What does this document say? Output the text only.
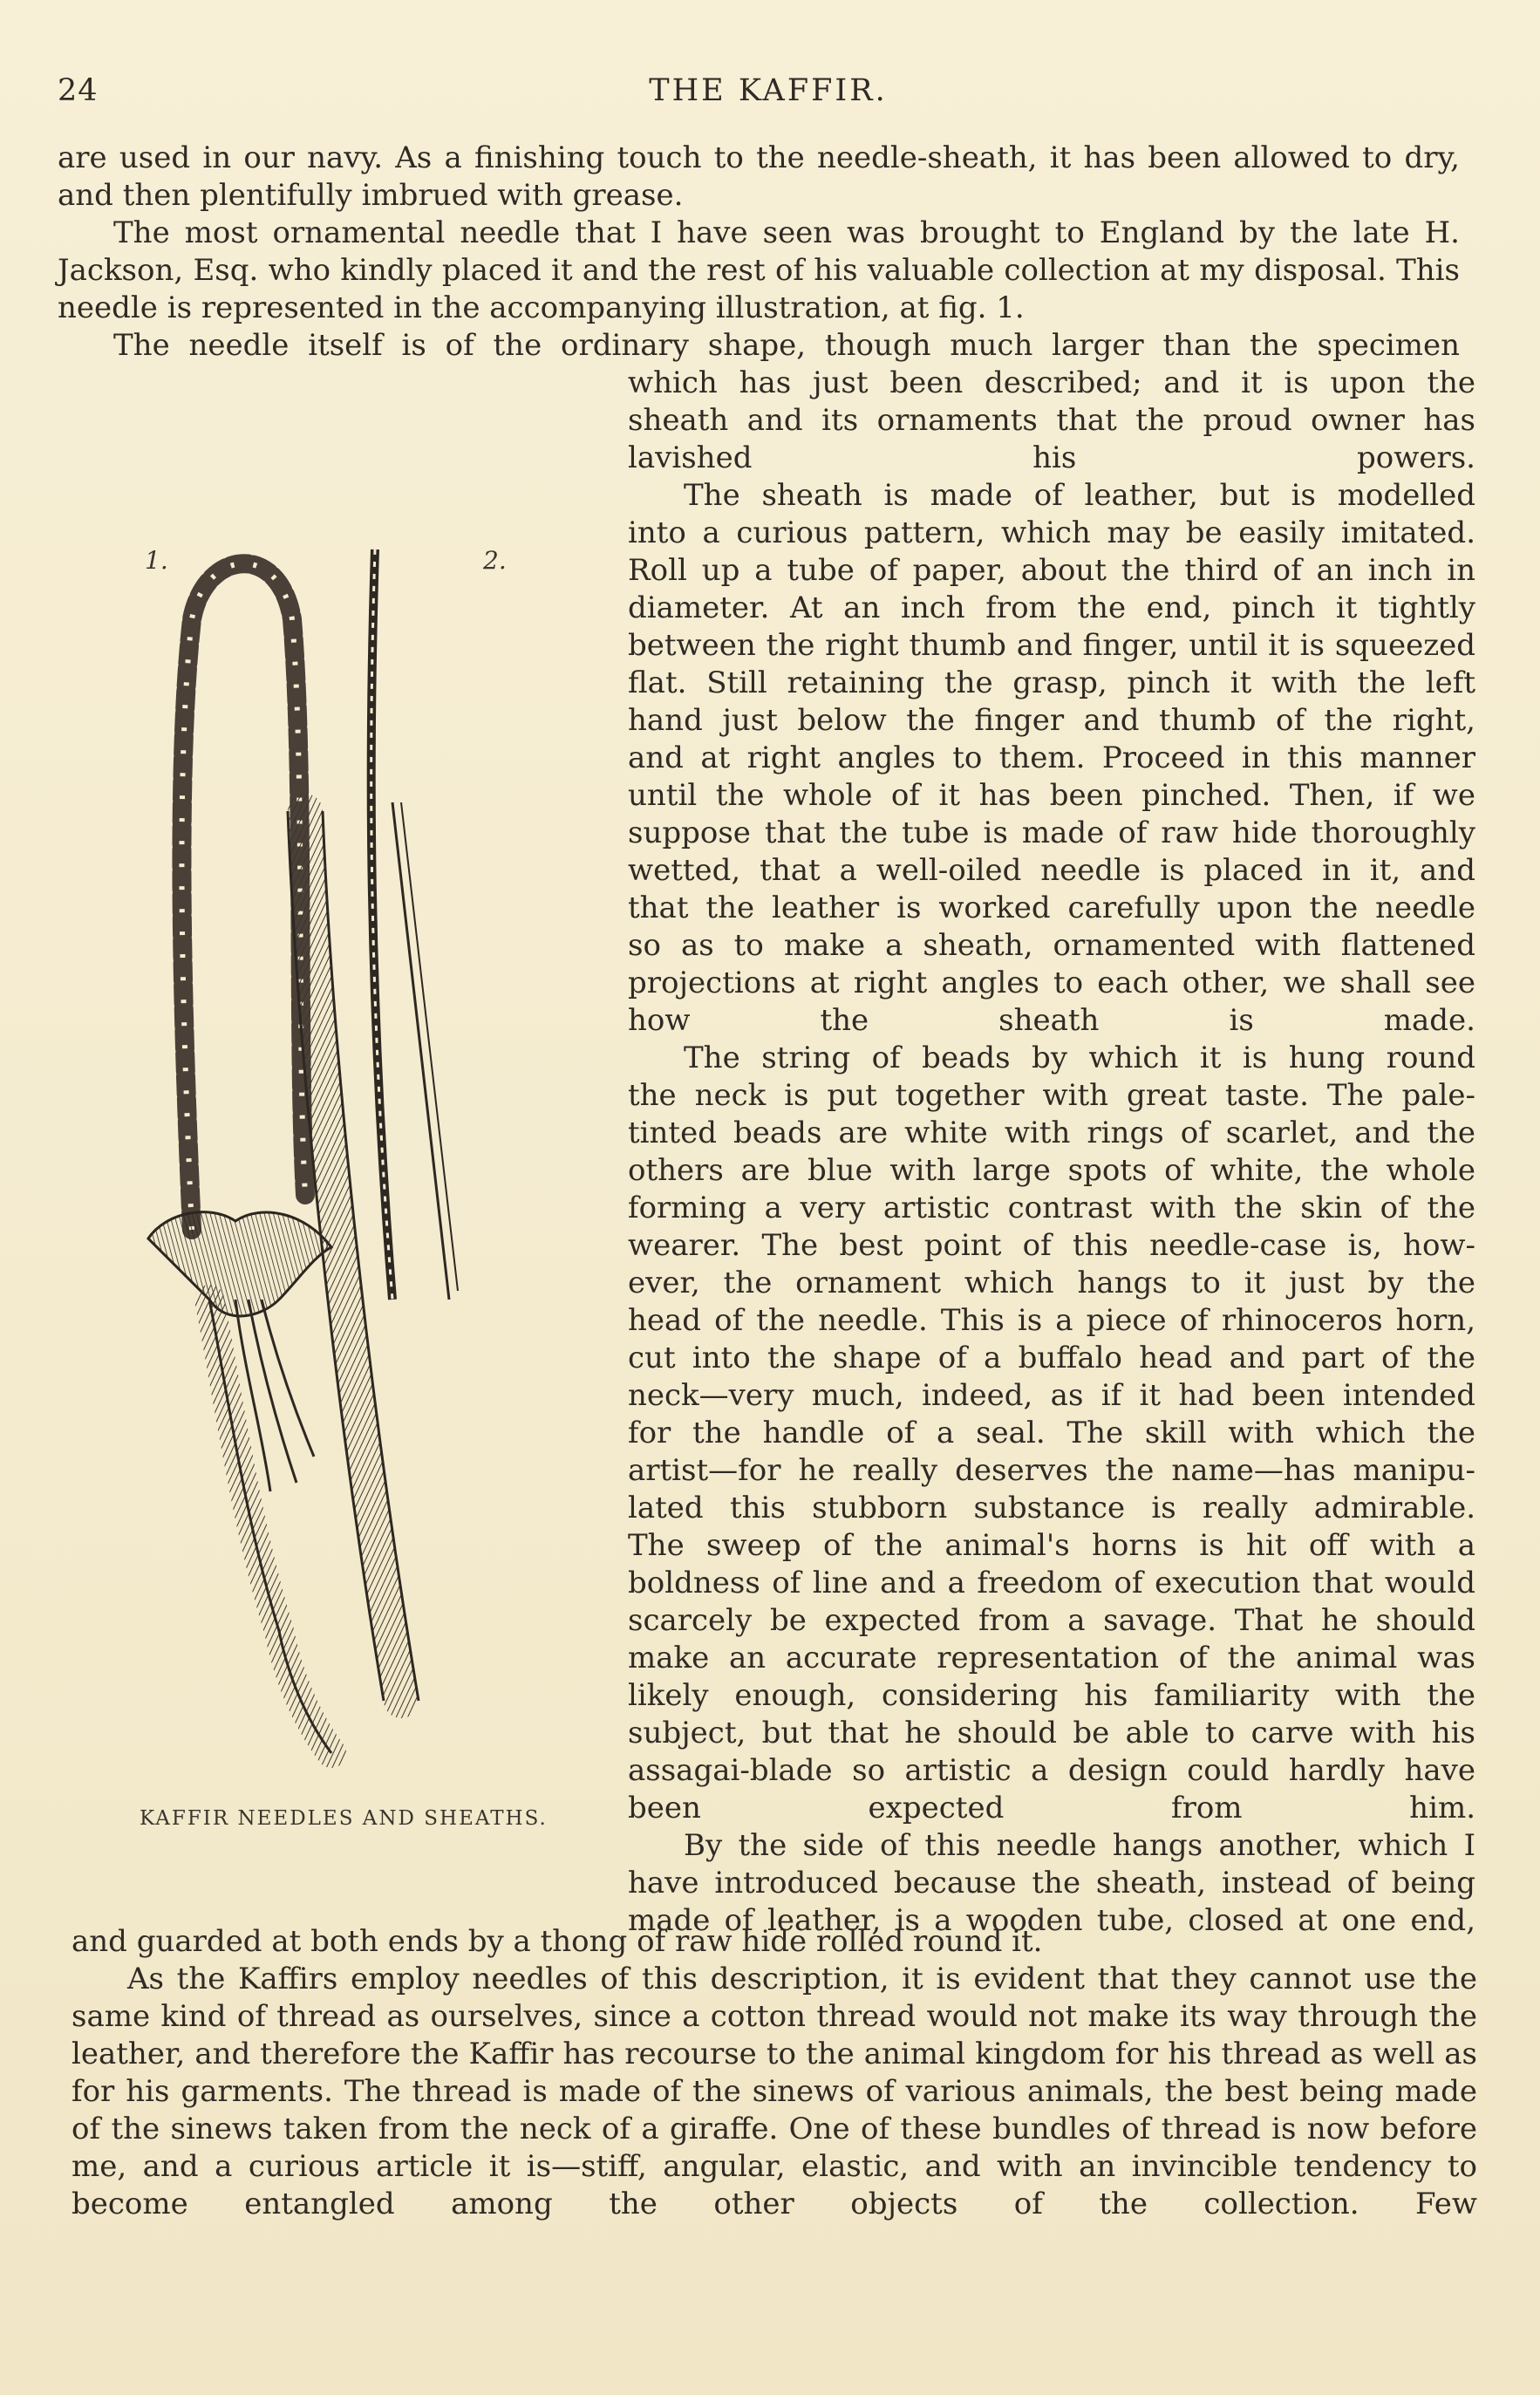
24	THE KAFFIR.

are used in our navy. As a finishing touch to the needle-sheath, it has been allowed to dry, and then plentifully imbrued with grease.

The most ornamental needle that I have seen was brought to England by the late H. Jackson, Esq. who kindly placed it and the rest of his valuable collection at my disposal. This needle is represented in the accompanying illustration, at fig. 1.

The needle itself is of the ordinary shape, though much larger than the specimen

which has just been described; and it is upon the
sheath and its ornaments that the proud owner has
lavished his powers.
The sheath is made of leather, but is modelled
into a curious pattern, which may be easily imitated.
Roll up a tube of paper, about the third of an inch in
diameter. At an inch from the end, pinch it tightly
between the right thumb and finger, until it is squeezed
flat. Still retaining the grasp, pinch it with the left
hand just below the finger and thumb of the right,
and at right angles to them. Proceed in this manner
until the whole of it has been pinched. Then, if we
suppose that the tube is made of raw hide thoroughly
wetted, that a well-oiled needle is placed in it, and
that the leather is worked carefully upon the needle
so as to make a sheath, ornamented with flattened
projections at right angles to each other, we shall see
how the sheath is made.
The string of beads by which it is hung round
the neck is put together with great taste. The pale-
tinted beads are white with rings of scarlet, and the
others are blue with large spots of white, the whole
forming a very artistic contrast with the skin of the
wearer. The best point of this needle-case is, how-
ever, the ornament which hangs to it just by the
head of the needle. This is a piece of rhinoceros horn,
cut into the shape of a buffalo head and part of the
neck—very much, indeed, as if it had been intended
for the handle of a seal. The skill with which the
artist—for he really deserves the name—has manipu-
lated this stubborn substance is really admirable.
The sweep of the animal's horns is hit off with a
boldness of line and a freedom of execution that would
scarcely be expected from a savage. That he should
make an accurate representation of the animal was
likely enough, considering his familiarity with the
subject, but that he should be able to carve with his
assagai-blade so artistic a design could hardly have
been expected from him.
By the side of this needle hangs another, which I
have introduced because the sheath, instead of being
made of leather, is a wooden tube, closed at one end,
1.	2.
KAFFIR NEEDLES AND SHEATHS.

and guarded at both ends by a thong of raw hide rolled round it.

As the Kaffirs employ needles of this description, it is evident that they cannot use the same kind of thread as ourselves, since a cotton thread would not make its way through the leather, and therefore the Kaffir has recourse to the animal kingdom for his thread as well as for his garments. The thread is made of the sinews of various animals, the best being made of the sinews taken from the neck of a giraffe. One of these bundles of thread is now before me, and a curious article it is—stiff, angular, elastic, and with an invincible tendency to become entangled among the other objects of the collection. Few
